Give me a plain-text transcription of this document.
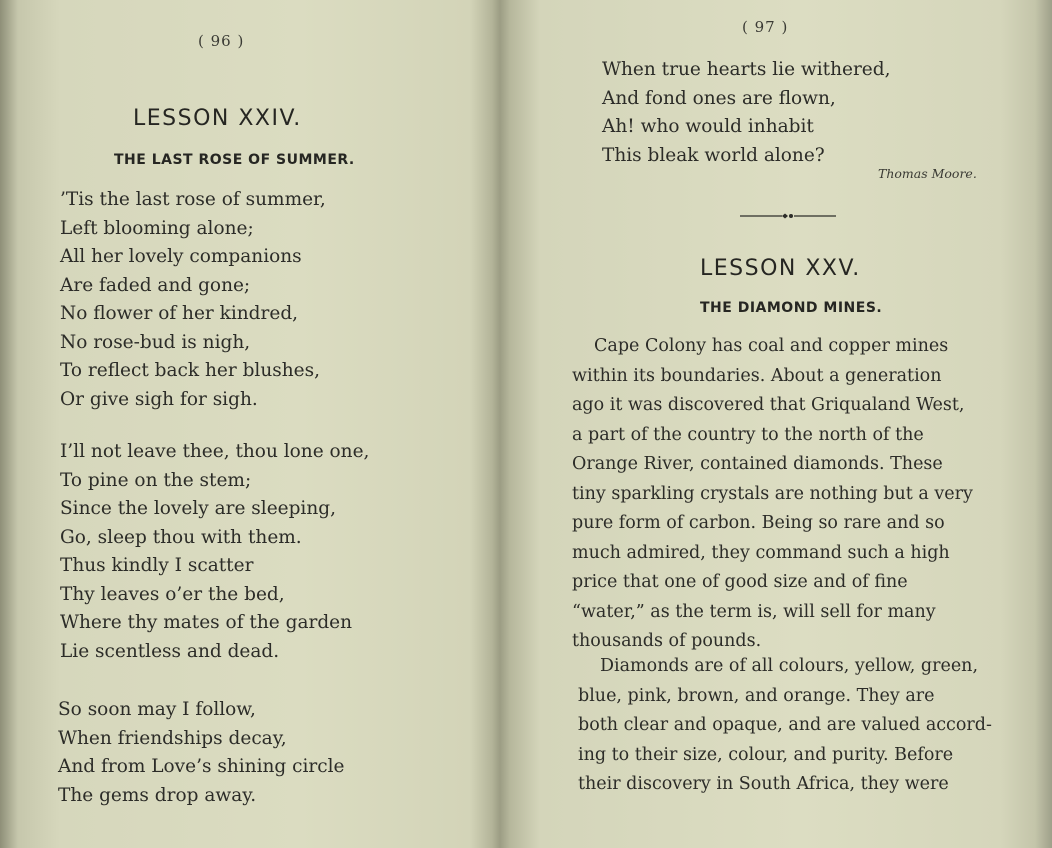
( 96 )
LESSON XXIV.
THE LAST ROSE OF SUMMER.
’Tis the last rose of summer,
Left blooming alone;
All her lovely companions
Are faded and gone;
No flower of her kindred,
No rose-bud is nigh,
To reflect back her blushes,
Or give sigh for sigh.
I’ll not leave thee, thou lone one,
To pine on the stem;
Since the lovely are sleeping,
Go, sleep thou with them.
Thus kindly I scatter
Thy leaves o’er the bed,
Where thy mates of the garden
Lie scentless and dead.
So soon may I follow,
When friendships decay,
And from Love’s shining circle
The gems drop away.
( 97 )
When true hearts lie withered,
And fond ones are flown,
Ah! who would inhabit
This bleak world alone?
Thomas Moore.
LESSON XXV.
THE DIAMOND MINES.
Cape Colony has coal and copper mines
within its boundaries. About a generation
ago it was discovered that Griqualand West,
a part of the country to the north of the
Orange River, contained diamonds. These
tiny sparkling crystals are nothing but a very
pure form of carbon. Being so rare and so
much admired, they command such a high
price that one of good size and of fine
“water,” as the term is, will sell for many
thousands of pounds.
Diamonds are of all colours, yellow, green,
blue, pink, brown, and orange. They are
both clear and opaque, and are valued accord-
ing to their size, colour, and purity. Before
their discovery in South Africa, they were
